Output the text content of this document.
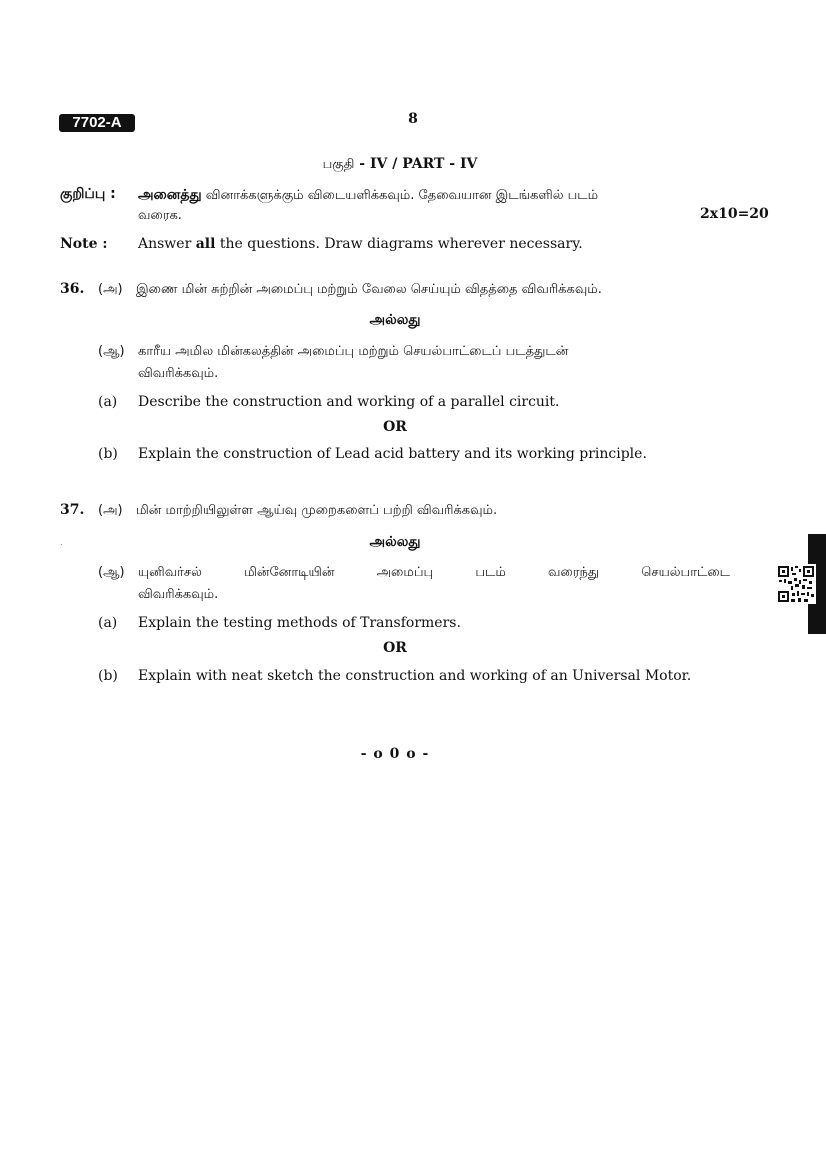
7702-A	8
பகுதி - IV / PART - IV
குறிப்பு : அனைத்து வினாக்களுக்கும் விடையளிக்கவும். தேவையான இடங்களில் படம்
வரைக.	2x10=20
Note : Answer all the questions. Draw diagrams wherever necessary.
36. (அ) இணை மின் சுற்றின் அமைப்பு மற்றும் வேலை செய்யும் விதத்தை விவரிக்கவும்.
அல்லது
(ஆ) காரீய அமில மின்கலத்தின் அமைப்பு மற்றும் செயல்பாட்டைப் படத்துடன்
விவரிக்கவும்.
(a) Describe the construction and working of a parallel circuit.
OR
(b) Explain the construction of Lead acid battery and its working principle.
37. (அ) மின் மாற்றியிலுள்ள ஆய்வு முறைகளைப் பற்றி விவரிக்கவும்.
.	அல்லது
(ஆ) யுனிவர்சல் மின்னோடியின் அமைப்பு படம் வரைந்து செயல்பாட்டை
விவரிக்கவும்.
(a) Explain the testing methods of Transformers.
OR
(b) Explain with neat sketch the construction and working of an Universal Motor.
- o 0 o -
